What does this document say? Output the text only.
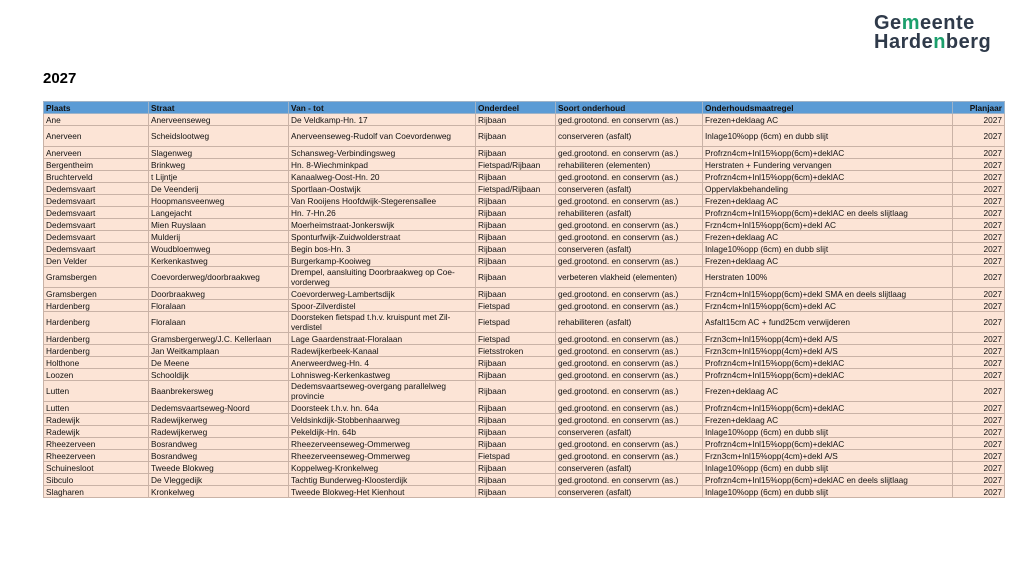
Gemeente
Hardenberg
2027
Plaats	Straat	Van - tot	Onderdeel	Soort onderhoud	Onderhoudsmaatregel	Planjaar
Ane	Anerveenseweg	De Veldkamp-Hn. 17	Rijbaan	ged.grootond. en conservrn (as.)	Frezen+deklaag AC	2027
Anerveen	Scheidslootweg	Anerveenseweg-Rudolf van Coevordenweg	Rijbaan	conserveren (asfalt)	Inlage10%opp (6cm) en dubb slijt	2027
Anerveen	Slagenweg	Schansweg-Verbindingsweg	Rijbaan	ged.grootond. en conservrn (as.)	Profrzn4cm+Inl15%opp(6cm)+deklAC	2027
Bergentheim	Brinkweg	Hn. 8-Wiechminkpad	Fietspad/Rijbaan	rehabiliteren (elementen)	Herstraten + Fundering vervangen	2027
Bruchterveld	t Lijntje	Kanaalweg-Oost-Hn. 20	Rijbaan	ged.grootond. en conservrn (as.)	Profrzn4cm+Inl15%opp(6cm)+deklAC	2027
Dedemsvaart	De Veenderij	Sportlaan-Oostwijk	Fietspad/Rijbaan	conserveren (asfalt)	Oppervlakbehandeling	2027
Dedemsvaart	Hoopmansveenweg	Van Rooijens Hoofdwijk-Stegerensallee	Rijbaan	ged.grootond. en conservrn (as.)	Frezen+deklaag AC	2027
Dedemsvaart	Langejacht	Hn. 7-Hn.26	Rijbaan	rehabiliteren (asfalt)	Profrzn4cm+Inl15%opp(6cm)+deklAC en deels slijtlaag	2027
Dedemsvaart	Mien Ruyslaan	Moerheimstraat-Jonkerswijk	Rijbaan	ged.grootond. en conservrn (as.)	Frzn4cm+Inl15%opp(6cm)+dekl AC	2027
Dedemsvaart	Mulderij	Sponturfwijk-Zuidwolderstraat	Rijbaan	ged.grootond. en conservrn (as.)	Frezen+deklaag AC	2027
Dedemsvaart	Woudbloemweg	Begin bos-Hn. 3	Rijbaan	conserveren (asfalt)	Inlage10%opp (6cm) en dubb slijt	2027
Den Velder	Kerkenkastweg	Burgerkamp-Kooiweg	Rijbaan	ged.grootond. en conservrn (as.)	Frezen+deklaag AC	2027
Gramsbergen	Coevorderweg/doorbraakweg	Drempel, aansluiting Doorbraakweg op Coe-vorderweg	Rijbaan	verbeteren vlakheid (elementen)	Herstraten 100%	2027
Gramsbergen	Doorbraakweg	Coevorderweg-Lambertsdijk	Rijbaan	ged.grootond. en conservrn (as.)	Frzn4cm+Inl15%opp(6cm)+dekl SMA en deels slijtlaag	2027
Hardenberg	Floralaan	Spoor-Zilverdistel	Fietspad	ged.grootond. en conservrn (as.)	Frzn4cm+Inl15%opp(6cm)+dekl AC	2027
Hardenberg	Floralaan	Doorsteken fietspad t.h.v. kruispunt met Zil-verdistel	Fietspad	rehabiliteren (asfalt)	Asfalt15cm AC + fund25cm verwijderen	2027
Hardenberg	Gramsbergerweg/J.C. Kellerlaan	Lage Gaardenstraat-Floralaan	Fietspad	ged.grootond. en conservrn (as.)	Frzn3cm+Inl15%opp(4cm)+dekl A/S	2027
Hardenberg	Jan Weitkamplaan	Radewijkerbeek-Kanaal	Fietsstroken	ged.grootond. en conservrn (as.)	Frzn3cm+Inl15%opp(4cm)+dekl A/S	2027
Holthone	De Meene	Anerweerdweg-Hn. 4	Rijbaan	ged.grootond. en conservrn (as.)	Profrzn4cm+Inl15%opp(6cm)+deklAC	2027
Loozen	Schooldijk	Lohnisweg-Kerkenkastweg	Rijbaan	ged.grootond. en conservrn (as.)	Profrzn4cm+Inl15%opp(6cm)+deklAC	2027
Lutten	Baanbrekersweg	Dedemsvaartseweg-overgang parallelweg provincie	Rijbaan	ged.grootond. en conservrn (as.)	Frezen+deklaag AC	2027
Lutten	Dedemsvaartseweg-Noord	Doorsteek t.h.v. hn. 64a	Rijbaan	ged.grootond. en conservrn (as.)	Profrzn4cm+Inl15%opp(6cm)+deklAC	2027
Radewijk	Radewijkerweg	Veldsinkdijk-Stobbenhaarweg	Rijbaan	ged.grootond. en conservrn (as.)	Frezen+deklaag AC	2027
Radewijk	Radewijkerweg	Pekeldijk-Hn. 64b	Rijbaan	conserveren (asfalt)	Inlage10%opp (6cm) en dubb slijt	2027
Rheezerveen	Bosrandweg	Rheezerveenseweg-Ommerweg	Rijbaan	ged.grootond. en conservrn (as.)	Profrzn4cm+Inl15%opp(6cm)+deklAC	2027
Rheezerveen	Bosrandweg	Rheezerveenseweg-Ommerweg	Fietspad	ged.grootond. en conservrn (as.)	Frzn3cm+Inl15%opp(4cm)+dekl A/S	2027
Schuinesloot	Tweede Blokweg	Koppelweg-Kronkelweg	Rijbaan	conserveren (asfalt)	Inlage10%opp (6cm) en dubb slijt	2027
Sibculo	De Vleggedijk	Tachtig Bunderweg-Kloosterdijk	Rijbaan	ged.grootond. en conservrn (as.)	Profrzn4cm+Inl15%opp(6cm)+deklAC en deels slijtlaag	2027
Slagharen	Kronkelweg	Tweede Blokweg-Het Kienhout	Rijbaan	conserveren (asfalt)	Inlage10%opp (6cm) en dubb slijt	2027
